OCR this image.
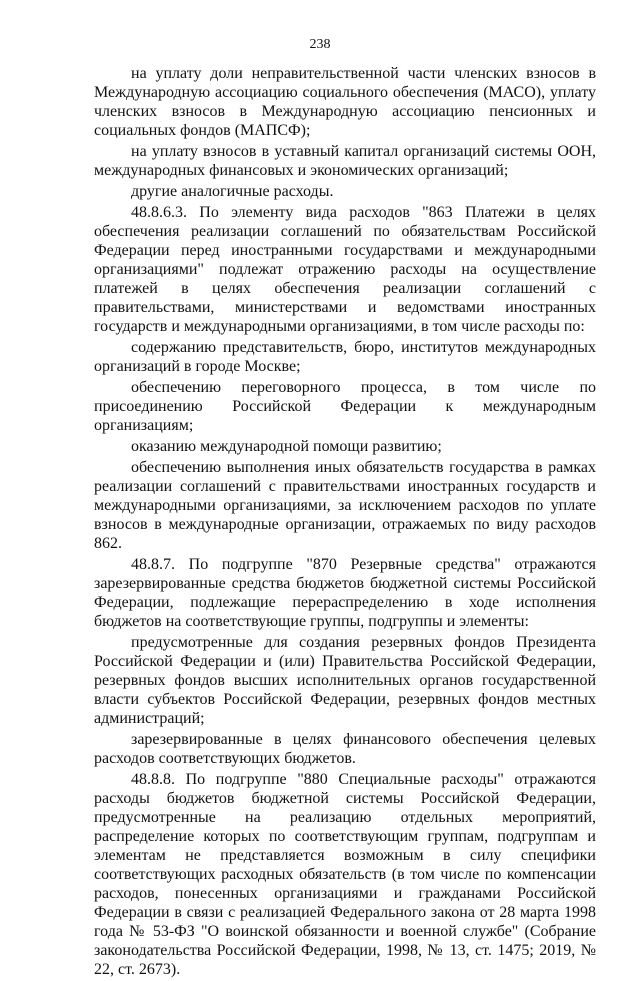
238

на уплату доли неправительственной части членских взносов в Международную ассоциацию социального обеспечения (МАСО), уплату членских взносов в Международную ассоциацию пенсионных и социальных фондов (МАПСФ);

на уплату взносов в уставный капитал организаций системы ООН, международных финансовых и экономических организаций;

другие аналогичные расходы.

48.8.6.3. По элементу вида расходов "863 Платежи в целях обеспечения реализации соглашений по обязательствам Российской Федерации перед иностранными государствами и международными организациями" подлежат отражению расходы на осуществление платежей в целях обеспечения реализации соглашений с правительствами, министерствами и ведомствами иностранных государств и международными организациями, в том числе расходы по:

содержанию представительств, бюро, институтов международных организаций в городе Москве;

обеспечению переговорного процесса, в том числе по присоединению Российской Федерации к международным организациям;

оказанию международной помощи развитию;

обеспечению выполнения иных обязательств государства в рамках реализации соглашений с правительствами иностранных государств и международными организациями, за исключением расходов по уплате взносов в международные организации, отражаемых по виду расходов 862.

48.8.7. По подгруппе "870 Резервные средства" отражаются зарезервированные средства бюджетов бюджетной системы Российской Федерации, подлежащие перераспределению в ходе исполнения бюджетов на соответствующие группы, подгруппы и элементы:

предусмотренные для создания резервных фондов Президента Российской Федерации и (или) Правительства Российской Федерации, резервных фондов высших исполнительных органов государственной власти субъектов Российской Федерации, резервных фондов местных администраций;

зарезервированные в целях финансового обеспечения целевых расходов соответствующих бюджетов.

48.8.8. По подгруппе "880 Специальные расходы" отражаются расходы бюджетов бюджетной системы Российской Федерации, предусмотренные на реализацию отдельных мероприятий, распределение которых по соответствующим группам, подгруппам и элементам не представляется возможным в силу специфики соответствующих расходных обязательств (в том числе по компенсации расходов, понесенных организациями и гражданами Российской Федерации в связи с реализацией Федерального закона от 28 марта 1998 года № 53-ФЗ "О воинской обязанности и военной службе" (Собрание законодательства Российской Федерации, 1998, № 13, ст. 1475; 2019, № 22, ст. 2673).
